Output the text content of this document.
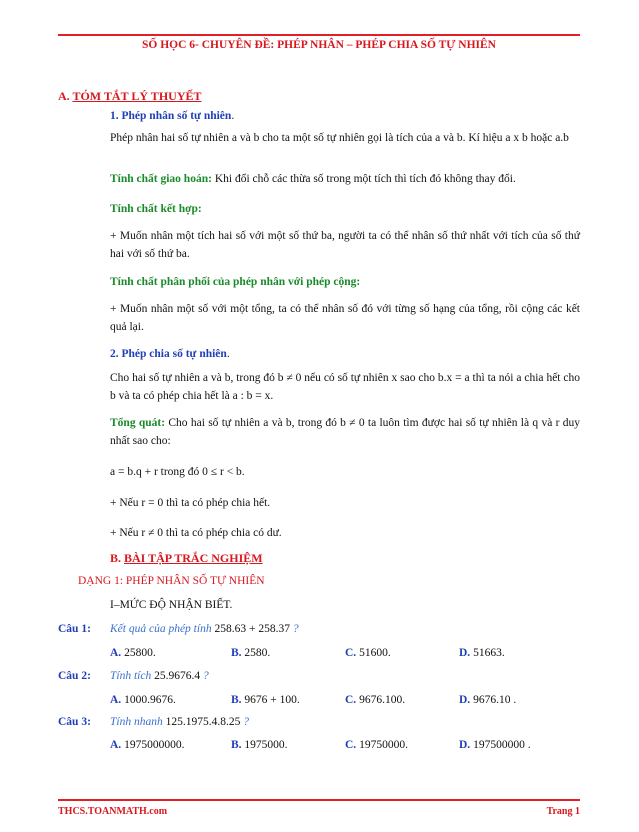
SỐ HỌC 6- CHUYÊN ĐỀ: PHÉP NHÂN – PHÉP CHIA SỐ TỰ NHIÊN
A. TÓM TẮT LÝ THUYẾT
1. Phép nhân số tự nhiên.
Phép nhân hai số tự nhiên a và b cho ta một số tự nhiên gọi là tích của a và b. Kí hiệu a x b hoặc a.b
Tính chất giao hoán: Khi đổi chỗ các thừa số trong một tích thì tích đó không thay đổi.
Tính chất kết hợp:
+ Muốn nhân một tích hai số với một số thứ ba, người ta có thể nhân số thứ nhất với tích của số thứ hai với số thứ ba.
Tính chất phân phối của phép nhân với phép cộng:
+ Muốn nhân một số với một tổng, ta có thể nhân số đó với từng số hạng của tổng, rồi cộng các kết quả lại.
2. Phép chia số tự nhiên.
Cho hai số tự nhiên a và b, trong đó b ≠ 0 nếu có số tự nhiên x sao cho b.x = a thì ta nói a chia hết cho b và ta có phép chia hết là a : b = x.
Tổng quát: Cho hai số tự nhiên a và b, trong đó b ≠ 0 ta luôn tìm được hai số tự nhiên là q và r duy nhất sao cho:
a = b.q + r trong đó 0 ≤ r < b.
+ Nếu r = 0 thì ta có phép chia hết.
+ Nếu r ≠ 0 thì ta có phép chia có dư.
B. BÀI TẬP TRẮC NGHIỆM
DẠNG 1: PHÉP NHÂN SỐ TỰ NHIÊN
I–MỨC ĐỘ NHẬN BIẾT.
Câu 1: Kết quả của phép tính 258.63 + 258.37 ?
A. 25800.	B. 2580.	C. 51600.	D. 51663.
Câu 2: Tính tích 25.9676.4 ?
A. 1000.9676.	B. 9676 + 100.	C. 9676.100.	D. 9676.10 .
Câu 3: Tính nhanh 125.1975.4.8.25 ?
A. 1975000000.	B. 1975000.	C. 19750000.	D. 197500000 .
THCS.TOANMATH.com	Trang 1
